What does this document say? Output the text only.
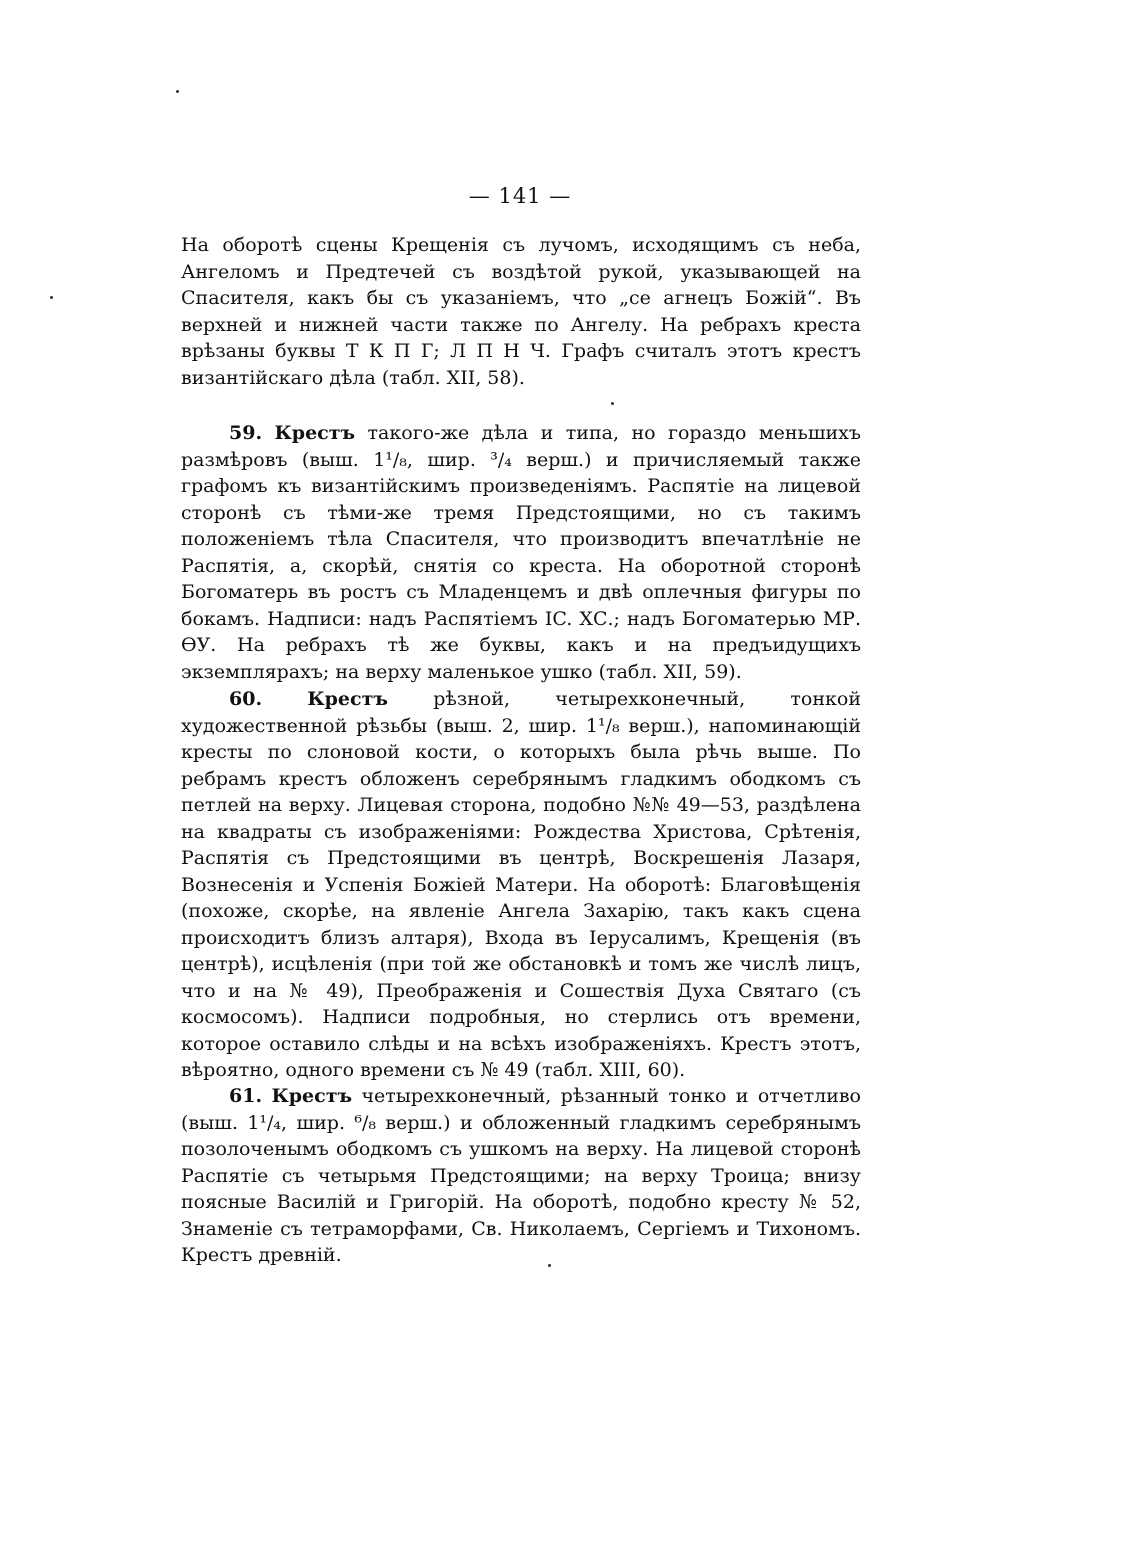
— 141 —

На оборотѣ сцены Крещенія съ лучомъ, исходящимъ съ неба, Ангеломъ и Предтечей съ воздѣтой рукой, указывающей на Спасителя, какъ бы съ указаніемъ, что „се агнецъ Божій“. Въ верхней и нижней части также по Ангелу. На ребрахъ креста врѣзаны буквы Т К П Г; Л П Н Ч. Графъ считалъ этотъ крестъ византійскаго дѣла (табл. XII, 58).

59. Крестъ такого-же дѣла и типа, но гораздо меньшихъ размѣровъ (выш. 1¹/₈, шир. ³/₄ верш.) и причисляемый также графомъ къ византійскимъ произведеніямъ. Распятіе на лицевой сторонѣ съ тѣми-же тремя Предстоящими, но съ такимъ положеніемъ тѣла Спасителя, что производитъ впечатлѣніе не Распятія, а, скорѣй, снятія со креста. На оборотной сторонѣ Богоматерь въ ростъ съ Младенцемъ и двѣ оплечныя фигуры по бокамъ. Надписи: надъ Распятіемъ IC. ХС.; надъ Богоматерью МР. ѲУ. На ребрахъ тѣ же буквы, какъ и на предъидущихъ экземплярахъ; на верху маленькое ушко (табл. XII, 59).

60. Крестъ рѣзной, четырехконечный, тонкой художественной рѣзьбы (выш. 2, шир. 1¹/₈ верш.), напоминающій кресты по слоновой кости, о которыхъ была рѣчь выше. По ребрамъ крестъ обложенъ серебрянымъ гладкимъ ободкомъ съ петлей на верху. Лицевая сторона, подобно №№ 49—53, раздѣлена на квадраты съ изображеніями: Рождества Христова, Срѣтенія, Распятія съ Предстоящими въ центрѣ, Воскрешенія Лазаря, Вознесенія и Успенія Божіей Матери. На оборотѣ: Благовѣщенія (похоже, скорѣе, на явленіе Ангела Захарію, такъ какъ сцена происходитъ близъ алтаря), Входа въ Іерусалимъ, Крещенія (въ центрѣ), исцѣленія (при той же обстановкѣ и томъ же числѣ лицъ, что и на № 49), Преображенія и Сошествія Духа Святаго (съ космосомъ). Надписи подробныя, но стерлись отъ времени, которое оставило слѣды и на всѣхъ изображеніяхъ. Крестъ этотъ, вѣроятно, одного времени съ № 49 (табл. XIII, 60).

61. Крестъ четырехконечный, рѣзанный тонко и отчетливо (выш. 1¹/₄, шир. ⁶/₈ верш.) и обложенный гладкимъ серебрянымъ позолоченымъ ободкомъ съ ушкомъ на верху. На лицевой сторонѣ Распятіе съ четырьмя Предстоящими; на верху Троица; внизу поясные Василій и Григорій. На оборотѣ, подобно кресту № 52, Знаменіе съ тетраморфами, Св. Николаемъ, Сергіемъ и Тихономъ. Крестъ древній.
